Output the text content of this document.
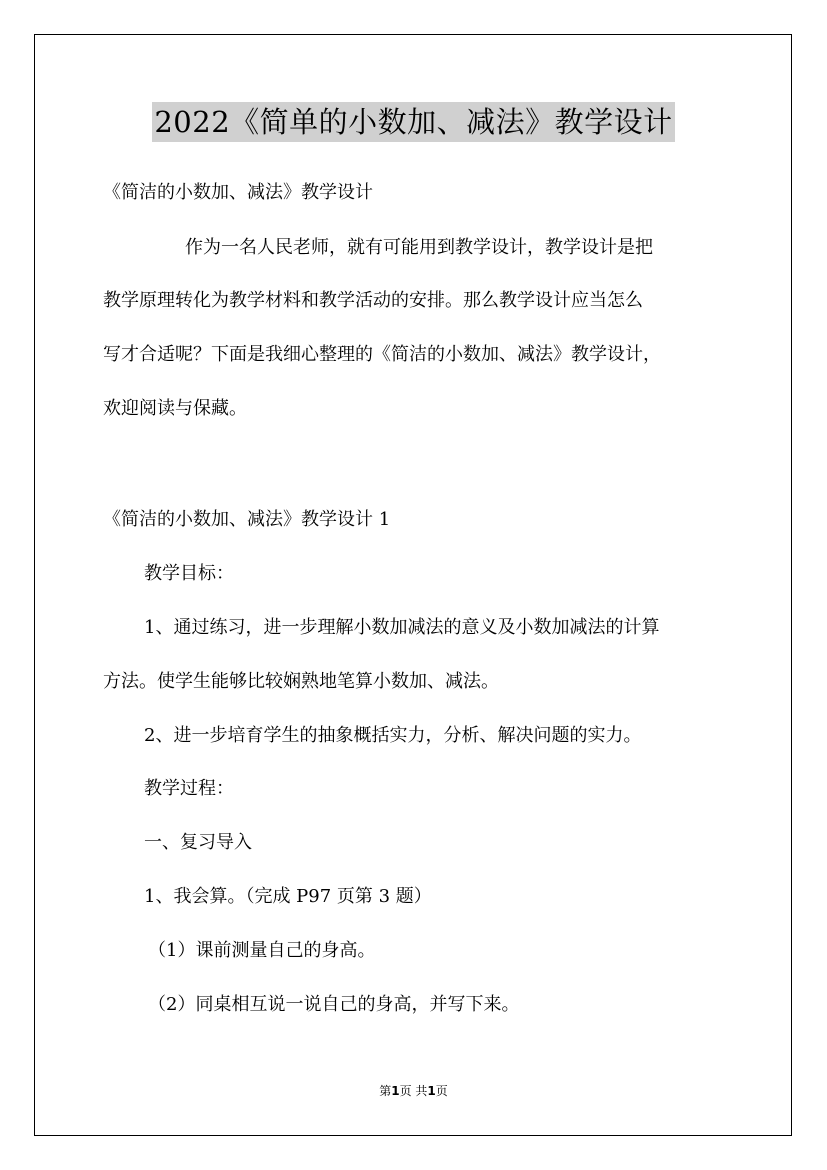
2022《简单的小数加、减法》教学设计
《简洁的小数加、减法》教学设计
作为一名人民老师，就有可能用到教学设计，教学设计是把
教学原理转化为教学材料和教学活动的安排。那么教学设计应当怎么
写才合适呢？下面是我细心整理的《简洁的小数加、减法》教学设计，
欢迎阅读与保藏。
《简洁的小数加、减法》教学设计 1
教学目标：
1、通过练习，进一步理解小数加减法的意义及小数加减法的计算
方法。使学生能够比较娴熟地笔算小数加、减法。
2、进一步培育学生的抽象概括实力，分析、解决问题的实力。
教学过程：
一、复习导入
1、我会算。（完成 P97 页第 3 题）
（1）课前测量自己的身高。
（2）同桌相互说一说自己的身高，并写下来。
第1页 共1页
